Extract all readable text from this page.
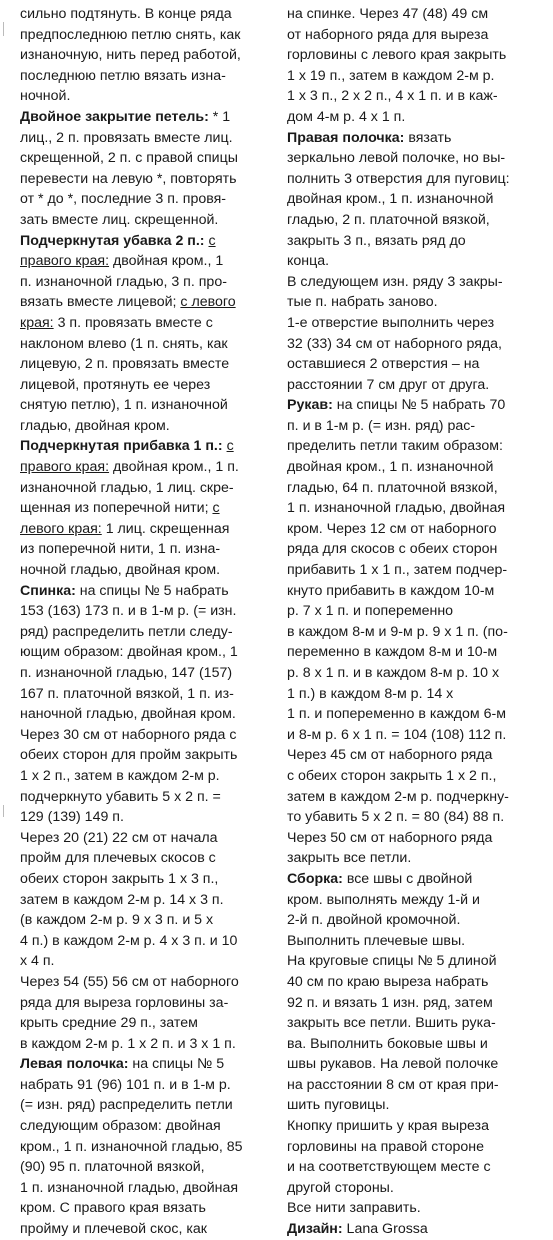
сильно подтянуть. В конце ряда
предпоследнюю петлю снять, как
изнаночную, нить перед работой,
последнюю петлю вязать изна-
ночной.
Двойное закрытие петель: * 1
лиц., 2 п. провязать вместе лиц.
скрещенной, 2 п. с правой спицы
перевести на левую *, повторять
от * до *, последние 3 п. провя-
зать вместе лиц. скрещенной.
Подчеркнутая убавка 2 п.: с
правого края: двойная кром., 1
п. изнаночной гладью, 3 п. про-
вязать вместе лицевой; с левого
края: 3 п. провязать вместе с
наклоном влево (1 п. снять, как
лицевую, 2 п. провязать вместе
лицевой, протянуть ее через
снятую петлю), 1 п. изнаночной
гладью, двойная кром.
Подчеркнутая прибавка 1 п.: с
правого края: двойная кром., 1 п.
изнаночной гладью, 1 лиц. скре-
щенная из поперечной нити; с
левого края: 1 лиц. скрещенная
из поперечной нити, 1 п. изна-
ночной гладью, двойная кром.
Спинка: на спицы № 5 набрать
153 (163) 173 п. и в 1-м р. (= изн.
ряд) распределить петли следу-
ющим образом: двойная кром., 1
п. изнаночной гладью, 147 (157)
167 п. платочной вязкой, 1 п. из-
наночной гладью, двойная кром.
Через 30 см от наборного ряда с
обеих сторон для пройм закрыть
1 х 2 п., затем в каждом 2-м р.
подчеркнуто убавить 5 х 2 п. =
129 (139) 149 п.
Через 20 (21) 22 см от начала
пройм для плечевых скосов с
обеих сторон закрыть 1 х 3 п.,
затем в каждом 2-м р. 14 х 3 п.
(в каждом 2-м р. 9 х 3 п. и 5 х
4 п.) в каждом 2-м р. 4 х 3 п. и 10
х 4 п.
Через 54 (55) 56 см от наборного
ряда для выреза горловины за-
крыть средние 29 п., затем
в каждом 2-м р. 1 х 2 п. и 3 х 1 п.
Левая полочка: на спицы № 5
набрать 91 (96) 101 п. и в 1-м р.
(= изн. ряд) распределить петли
следующим образом: двойная
кром., 1 п. изнаночной гладью, 85
(90) 95 п. платочной вязкой,
1 п. изнаночной гладью, двойная
кром. С правого края вязать
пройму и плечевой скос, как
на спинке. Через 47 (48) 49 см
от наборного ряда для выреза
горловины с левого края закрыть
1 х 19 п., затем в каждом 2-м р.
1 х 3 п., 2 х 2 п., 4 х 1 п. и в каж-
дом 4-м р. 4 х 1 п.
Правая полочка: вязать
зеркально левой полочке, но вы-
полнить 3 отверстия для пуговиц:
двойная кром., 1 п. изнаночной
гладью, 2 п. платочной вязкой,
закрыть 3 п., вязать ряд до
конца.
В следующем изн. ряду 3 закры-
тые п. набрать заново.
1-е отверстие выполнить через
32 (33) 34 см от наборного ряда,
оставшиеся 2 отверстия – на
расстоянии 7 см друг от друга.
Рукав: на спицы № 5 набрать 70
п. и в 1-м р. (= изн. ряд) рас-
пределить петли таким образом:
двойная кром., 1 п. изнаночной
гладью, 64 п. платочной вязкой,
1 п. изнаночной гладью, двойная
кром. Через 12 см от наборного
ряда для скосов с обеих сторон
прибавить 1 х 1 п., затем подчер-
кнуто прибавить в каждом 10-м
р. 7 х 1 п. и попеременно
в каждом 8-м и 9-м р. 9 х 1 п. (по-
переменно в каждом 8-м и 10-м
р. 8 х 1 п. и в каждом 8-м р. 10 х
1 п.) в каждом 8-м р. 14 х
1 п. и попеременно в каждом 6-м
и 8-м р. 6 х 1 п. = 104 (108) 112 п.
Через 45 см от наборного ряда
с обеих сторон закрыть 1 х 2 п.,
затем в каждом 2-м р. подчеркну-
то убавить 5 х 2 п. = 80 (84) 88 п.
Через 50 см от наборного ряда
закрыть все петли.
Сборка: все швы с двойной
кром. выполнять между 1-й и
2-й п. двойной кромочной.
Выполнить плечевые швы.
На круговые спицы № 5 длиной
40 см по краю выреза набрать
92 п. и вязать 1 изн. ряд, затем
закрыть все петли. Вшить рука-
ва. Выполнить боковые швы и
швы рукавов. На левой полочке
на расстоянии 8 см от края при-
шить пуговицы.
Кнопку пришить у края выреза
горловины на правой стороне
и на соответствующем месте с
другой стороны.
Все нити заправить.
Дизайн: Lana Grossa
